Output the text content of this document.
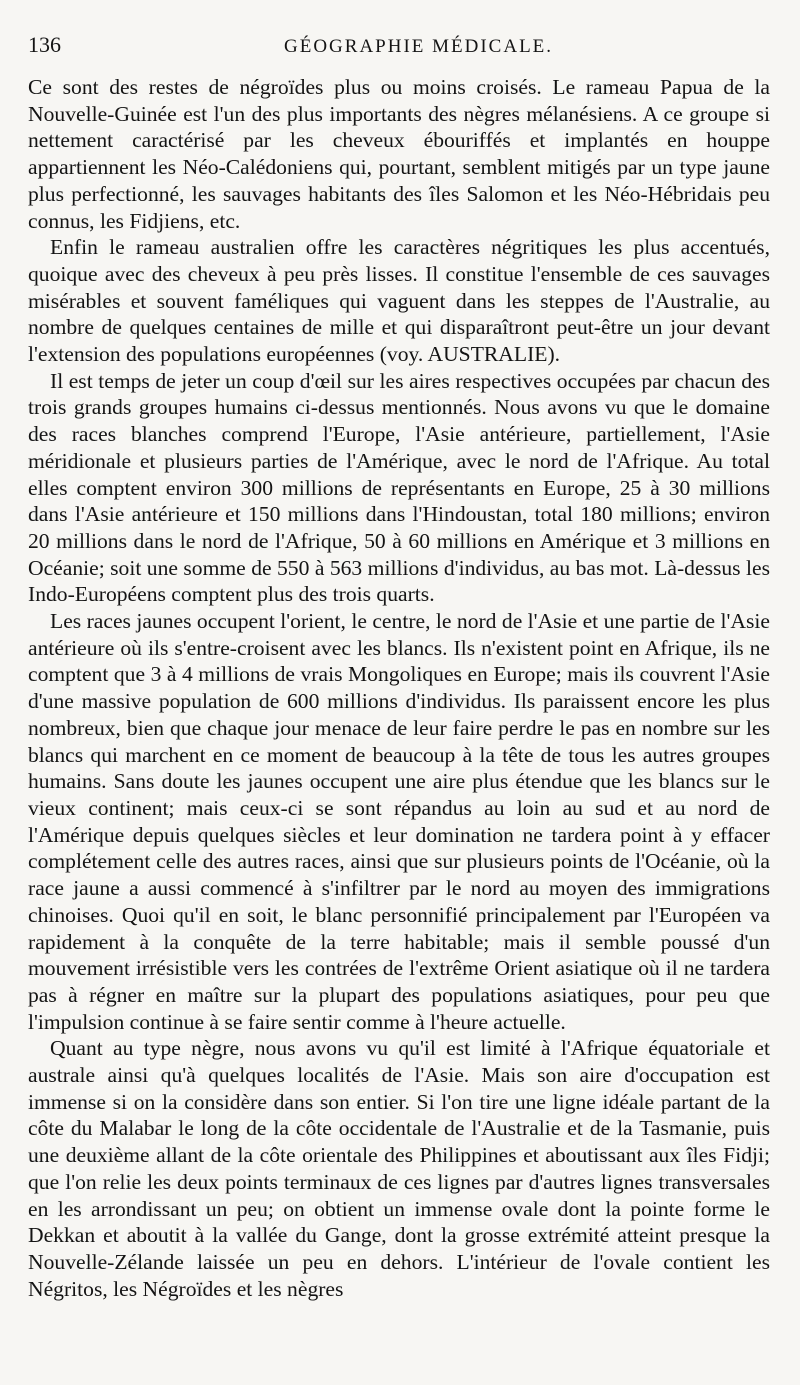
136	GÉOGRAPHIE MÉDICALE.

Ce sont des restes de négroïdes plus ou moins croisés. Le rameau Papua de la Nouvelle-Guinée est l'un des plus importants des nègres mélanésiens. A ce groupe si nettement caractérisé par les cheveux ébouriffés et implantés en houppe appartiennent les Néo-Calédoniens qui, pourtant, semblent mitigés par un type jaune plus perfectionné, les sauvages habitants des îles Salomon et les Néo-Hébridais peu connus, les Fidjiens, etc.

Enfin le rameau australien offre les caractères négritiques les plus accentués, quoique avec des cheveux à peu près lisses. Il constitue l'ensemble de ces sauvages misérables et souvent faméliques qui vaguent dans les steppes de l'Australie, au nombre de quelques centaines de mille et qui disparaîtront peut-être un jour devant l'extension des populations européennes (voy. AUSTRALIE).

Il est temps de jeter un coup d'œil sur les aires respectives occupées par chacun des trois grands groupes humains ci-dessus mentionnés. Nous avons vu que le domaine des races blanches comprend l'Europe, l'Asie antérieure, partiellement, l'Asie méridionale et plusieurs parties de l'Amérique, avec le nord de l'Afrique. Au total elles comptent environ 300 millions de représentants en Europe, 25 à 30 millions dans l'Asie antérieure et 150 millions dans l'Hindoustan, total 180 millions; environ 20 millions dans le nord de l'Afrique, 50 à 60 millions en Amérique et 3 millions en Océanie; soit une somme de 550 à 563 millions d'individus, au bas mot. Là-dessus les Indo-Européens comptent plus des trois quarts.

Les races jaunes occupent l'orient, le centre, le nord de l'Asie et une partie de l'Asie antérieure où ils s'entre-croisent avec les blancs. Ils n'existent point en Afrique, ils ne comptent que 3 à 4 millions de vrais Mongoliques en Europe; mais ils couvrent l'Asie d'une massive population de 600 millions d'individus. Ils paraissent encore les plus nombreux, bien que chaque jour menace de leur faire perdre le pas en nombre sur les blancs qui marchent en ce moment de beaucoup à la tête de tous les autres groupes humains. Sans doute les jaunes occupent une aire plus étendue que les blancs sur le vieux continent; mais ceux-ci se sont répandus au loin au sud et au nord de l'Amérique depuis quelques siècles et leur domination ne tardera point à y effacer complétement celle des autres races, ainsi que sur plusieurs points de l'Océanie, où la race jaune a aussi commencé à s'infiltrer par le nord au moyen des immigrations chinoises. Quoi qu'il en soit, le blanc personnifié principalement par l'Européen va rapidement à la conquête de la terre habitable; mais il semble poussé d'un mouvement irrésistible vers les contrées de l'extrême Orient asiatique où il ne tardera pas à régner en maître sur la plupart des populations asiatiques, pour peu que l'impulsion continue à se faire sentir comme à l'heure actuelle.

Quant au type nègre, nous avons vu qu'il est limité à l'Afrique équatoriale et australe ainsi qu'à quelques localités de l'Asie. Mais son aire d'occupation est immense si on la considère dans son entier. Si l'on tire une ligne idéale partant de la côte du Malabar le long de la côte occidentale de l'Australie et de la Tasmanie, puis une deuxième allant de la côte orientale des Philippines et aboutissant aux îles Fidji; que l'on relie les deux points terminaux de ces lignes par d'autres lignes transversales en les arrondissant un peu; on obtient un immense ovale dont la pointe forme le Dekkan et aboutit à la vallée du Gange, dont la grosse extrémité atteint presque la Nouvelle-Zélande laissée un peu en dehors. L'intérieur de l'ovale contient les Négritos, les Négroïdes et les nègres
